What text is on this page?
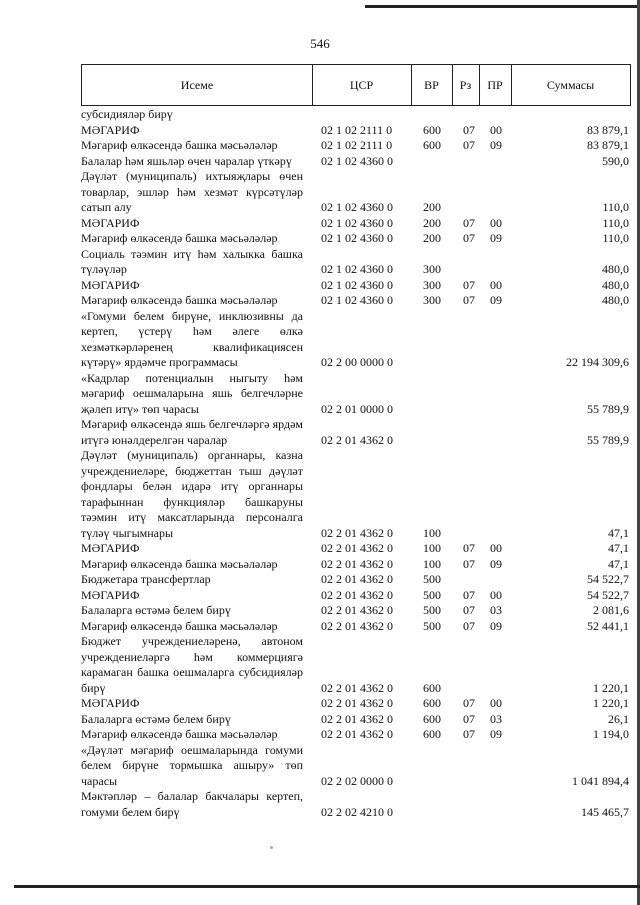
546
Исеме	ЦСР	ВР	Рз	ПР	Суммасы
субсидияләр бирү
МӘГАРИФ	02 1 02 2111 0	600	07	00	83 879,1
Мәгариф өлкәсендә башка мәсьәләләр	02 1 02 2111 0	600	07	09	83 879,1
Балалар һәм яшьләр өчен чаралар үткәрү	02 1 02 4360 0	590,0
Дәүләт (муниципаль) ихтыяҗлары өчен товарлар, эшләр һәм хезмәт күрсәтүләр сатып алу	02 1 02 4360 0	200	110,0
МӘГАРИФ	02 1 02 4360 0	200	07	00	110,0
Мәгариф өлкәсендә башка мәсьәләләр	02 1 02 4360 0	200	07	09	110,0
Социаль тәэмин итү һәм халыкка башка түләүләр	02 1 02 4360 0	300	480,0
МӘГАРИФ	02 1 02 4360 0	300	07	00	480,0
Мәгариф өлкәсендә башка мәсьәләләр	02 1 02 4360 0	300	07	09	480,0
«Гомуми белем бирүне, инклюзивны да кертеп, үстерү һәм әлеге өлкә хезмәткәрләренең квалификациясен күтәрү» ярдәмче программасы	02 2 00 0000 0	22 194 309,6
«Кадрлар потенциалын ныгыту һәм мәгариф оешмаларына яшь белгечләрне җәлеп итү» төп чарасы	02 2 01 0000 0	55 789,9
Мәгариф өлкәсендә яшь белгечләргә ярдәм итүгә юнәлдерелгән чаралар	02 2 01 4362 0	55 789,9
Дәүләт (муниципаль) органнары, казна учреждениеләре, бюджеттан тыш дәүләт фондлары белән идарә итү органнары тарафыннан функцияләр башкаруны тәэмин итү максатларында персоналга түләү чыгымнары	02 2 01 4362 0	100	47,1
МӘГАРИФ	02 2 01 4362 0	100	07	00	47,1
Мәгариф өлкәсендә башка мәсьәләләр	02 2 01 4362 0	100	07	09	47,1
Бюджетара трансфертлар	02 2 01 4362 0	500	54 522,7
МӘГАРИФ	02 2 01 4362 0	500	07	00	54 522,7
Балаларга өстәмә белем бирү	02 2 01 4362 0	500	07	03	2 081,6
Мәгариф өлкәсендә башка мәсьәләләр	02 2 01 4362 0	500	07	09	52 441,1
Бюджет учреждениеләренә, автоном учреждениеләргә һәм коммерциягә карамаган башка оешмаларга субсидияләр бирү	02 2 01 4362 0	600	1 220,1
МӘГАРИФ	02 2 01 4362 0	600	07	00	1 220,1
Балаларга өстәмә белем бирү	02 2 01 4362 0	600	07	03	26,1
Мәгариф өлкәсендә башка мәсьәләләр	02 2 01 4362 0	600	07	09	1 194,0
«Дәүләт мәгариф оешмаларында гомуми белем бирүне тормышка ашыру» төп чарасы	02 2 02 0000 0	1 041 894,4
Мәктәпләр – балалар бакчалары кертеп, гомуми белем бирү	02 2 02 4210 0	145 465,7
